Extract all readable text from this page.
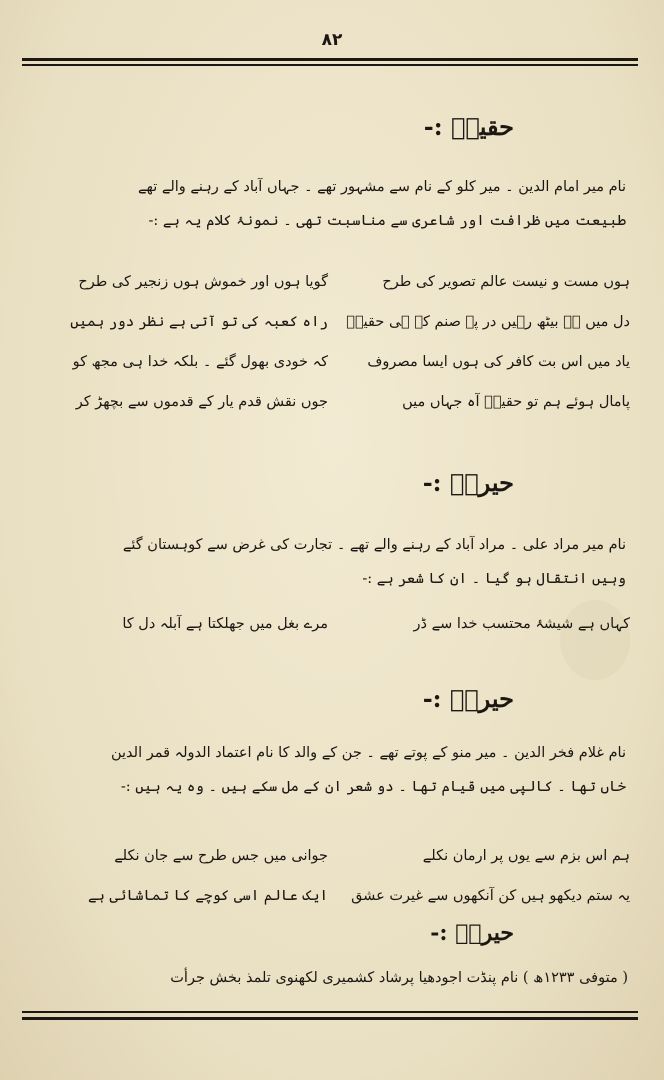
۸۲
حقیرؔ :-

نام میر امام الدین ۔ میر کلو کے نام سے مشہور تھے ۔ جہاں آباد کے رہنے والے تھے

طبیعت میں ظرافت اور شاعری سے مناسبت تھی ۔ نمونۂ کلام یہ ہے :-

ہوں مست و نیست عالم تصویر کی طرح
گویا ہوں اور خموش ہوں زنجیر کی طرح
دل میں ہے بیٹھ رہیں در پہ صنم کے ہی حقیرؔ
راہ کعبہ کی تو آتی ہے نظر دور ہمیں
یاد میں اس بت کافر کی ہوں ایسا مصروف
کہ خودی بھول گئے ۔ بلکہ خدا ہی مجھ کو
پامال ہوئے ہم تو حقیرؔ آہ جہاں میں
جوں نقش قدم یار کے قدموں سے بچھڑ کر
حیرتؔ :-

نام میر مراد علی ۔ مراد آباد کے رہنے والے تھے ۔ تجارت کی غرض سے کوہستان گئے

وہیں انتقال ہو گیا ۔ ان کا شعر ہے :-

کہاں ہے شیشۂ محتسب خدا سے ڈر
مرے بغل میں جھلکتا ہے آبلہ دل کا
حیرتؔ :-

نام غلام فخر الدین ۔ میر منو کے پوتے تھے ۔ جن کے والد کا نام اعتماد الدولہ قمر الدین

خاں تھا ۔ کالپی میں قیام تھا ۔ دو شعر ان کے مل سکے ہیں ۔ وہ یہ ہیں :-

ہم اس بزم سے یوں پر ارمان نکلے
جوانی میں جس طرح سے جان نکلے
یہ ستم دیکھو ہیں کن آنکھوں سے غیرت عشق
ایک عالم اسی کوچے کا تماشائی ہے
حیرتؔ :-
( متوفی ۱۲۳۳ھ ) نام پنڈت اجودھیا پرشاد کشمیری لکھنوی تلمذ بخش جرأت
